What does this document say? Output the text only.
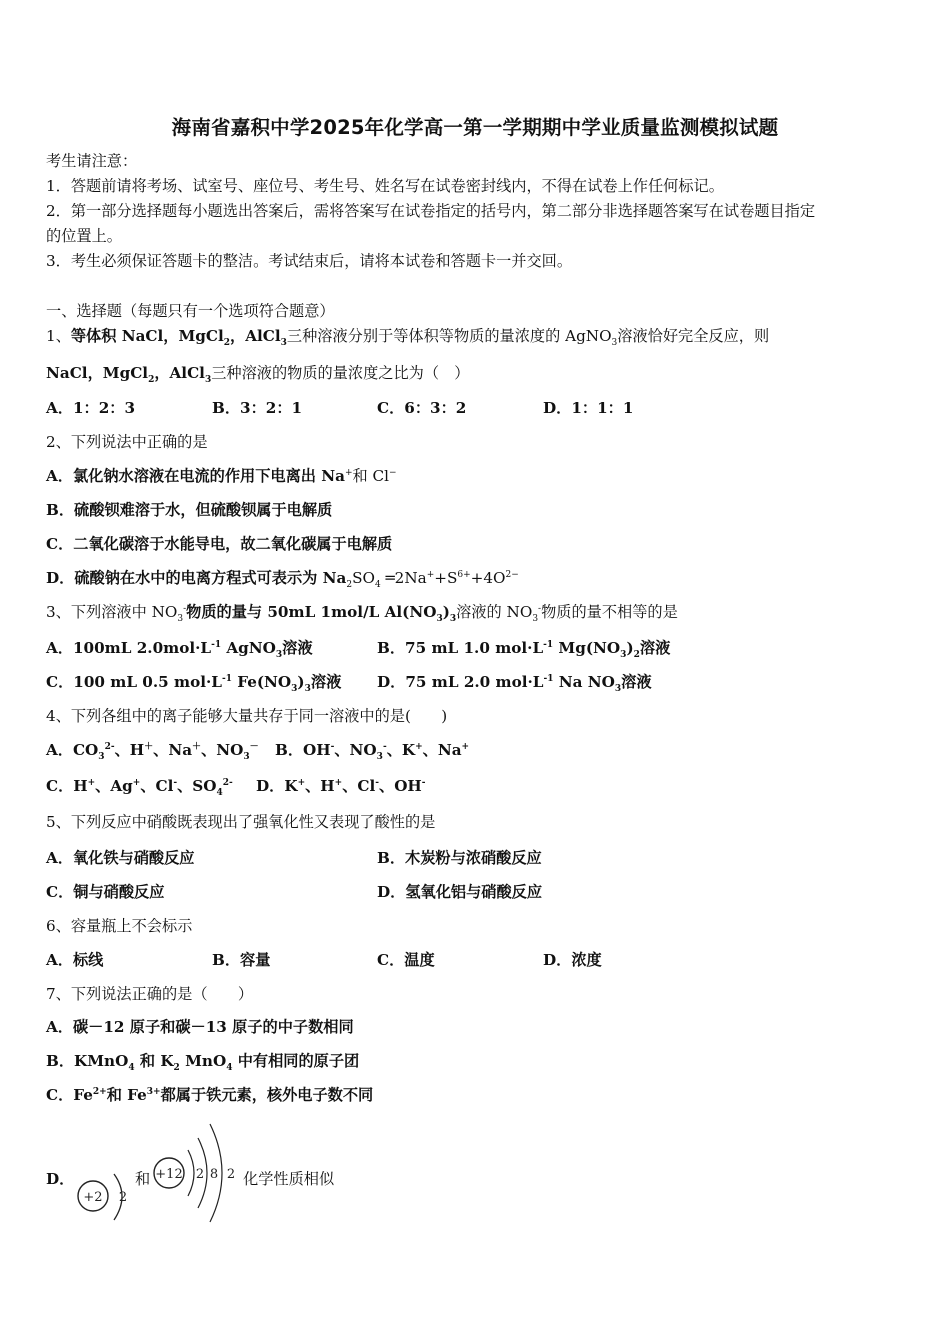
海南省嘉积中学2025年化学高一第一学期期中学业质量监测模拟试题
考生请注意：
1．答题前请将考场、试室号、座位号、考生号、姓名写在试卷密封线内，不得在试卷上作任何标记。
2．第一部分选择题每小题选出答案后，需将答案写在试卷指定的括号内，第二部分非选择题答案写在试卷题目指定
的位置上。
3．考生必须保证答题卡的整洁。考试结束后，请将本试卷和答题卡一并交回。
一、选择题（每题只有一个选项符合题意）
1、等体积 NaCl，MgCl$_2$，AlCl$_3$三种溶液分别于等体积等物质的量浓度的 AgNO$_3$溶液恰好完全反应，则
NaCl，MgCl$_2$，AlCl$_3$三种溶液的物质的量浓度之比为（　）
A．1：2：3	B．3：2：1	C．6：3：2	D．1：1：1
2、下列说法中正确的是
A．氯化钠水溶液在电流的作用下电离出 Na+和 Cl−
B．硫酸钡难溶于水，但硫酸钡属于电解质
C．二氧化碳溶于水能导电，故二氧化碳属于电解质
D．硫酸钠在水中的电离方程式可表示为 $Na_2SO_4$ $═2Na^++S^{6+}+4O^{2-}$
3、下列溶液中 $NO_3^-$物质的量与 50mL 1mol/L $Al(NO_3)_3$溶液的 $NO_3^-$物质的量不相等的是
A．100mL $2.0mol\cdot L^{-1}$ AgNO$_3$溶液	B．75 mL 1.0 $mol\cdot L^{-1}$ $Mg(NO_3)_2$溶液
C．100 mL 0.5 $mol\cdot L^{-1}$ $Fe(NO_3)_3$溶液 D．75 mL 2.0 $mol\cdot L^{-1}$ Na $NO_3$溶液
4、下列各组中的离子能够大量共存于同一溶液中的是(　　)
A．$CO_3^{2-}$、H＋、Na＋、$NO_3^-$ B．OH-、$NO_3^-$、K+、Na+
C．H+、Ag+、Cl-、$SO_4^{2-}$ D．K+、H+、Cl-、OH-
5、下列反应中硝酸既表现出了强氧化性又表现了酸性的是
A．氧化铁与硝酸反应	B．木炭粉与浓硝酸反应
C．铜与硝酸反应	D．氢氧化铝与硝酸反应
6、容量瓶上不会标示
A．标线	B．容量	C．温度	D．浓度
7、下列说法正确的是（　　）
A．碳－12 原子和碳－13 原子的中子数相同
B．KMnO$_4$ 和 $K_2$ MnO$_4$ 中有相同的原子团
C．$Fe^{2+}$和 $Fe^{3+}$都属于铁元素，核外电子数不同
D．
+2 2
和 +12 2 8 2 化学性质相似
